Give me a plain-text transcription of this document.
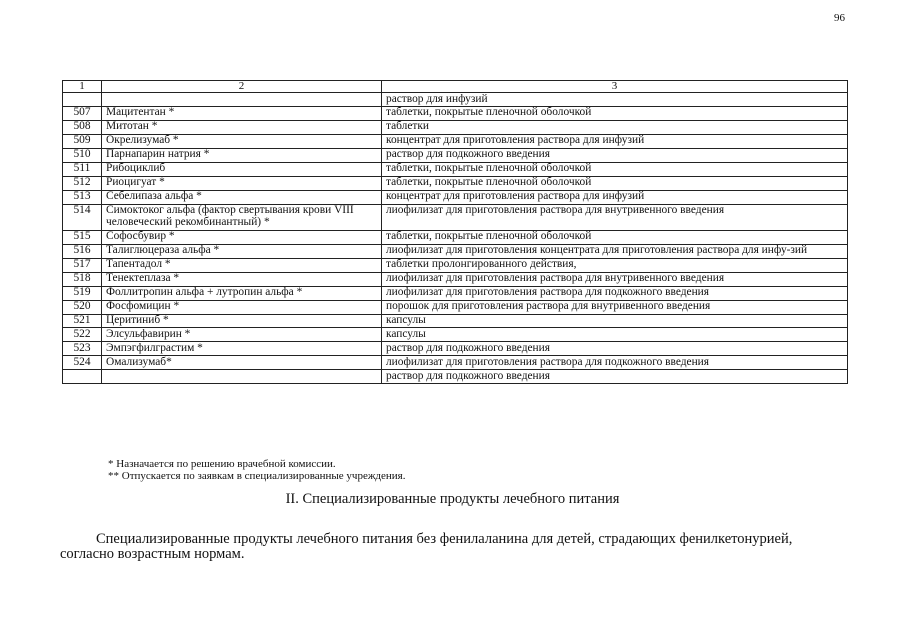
96
1	2	3
		раствор для инфузий
507	Мацитентан *	таблетки, покрытые пленочной оболочкой
508	Митотан *	таблетки
509	Окрелизумаб *	концентрат для приготовления раствора для инфузий
510	Парнапарин натрия *	раствор для подкожного введения
511	Рибоциклиб	таблетки, покрытые пленочной оболочкой
512	Риоцигуат *	таблетки, покрытые пленочной оболочкой
513	Себелипаза альфа *	концентрат для приготовления раствора для инфузий
514	Симоктоког альфа (фактор свертывания крови VIII человеческий рекомбинантный) *	лиофилизат для приготовления раствора для внутривенного введения
515	Софосбувир *	таблетки, покрытые пленочной оболочкой
516	Талиглюцераза альфа *	лиофилизат для приготовления концентрата для приготовления раствора для инфу-зий
517	Тапентадол *	таблетки пролонгированного действия,
518	Тенектеплаза *	лиофилизат для приготовления раствора для внутривенного введения
519	Фоллитропин альфа + лутропин альфа *	лиофилизат для приготовления раствора для подкожного введения
520	Фосфомицин *	порошок для приготовления раствора для внутривенного введения
521	Церитиниб *	капсулы
522	Элсульфавирин *	капсулы
523	Эмпэгфилграстим *	раствор для подкожного введения
524	Омализумаб*	лиофилизат для приготовления раствора для подкожного введения
		раствор для подкожного введения
* Назначается по решению врачебной комиссии.
** Отпускается по заявкам в специализированные учреждения.
II. Специализированные продукты лечебного питания
Специализированные продукты лечебного питания без фенилаланина для детей, страдающих фенилкетонурией, согласно возрастным нормам.
